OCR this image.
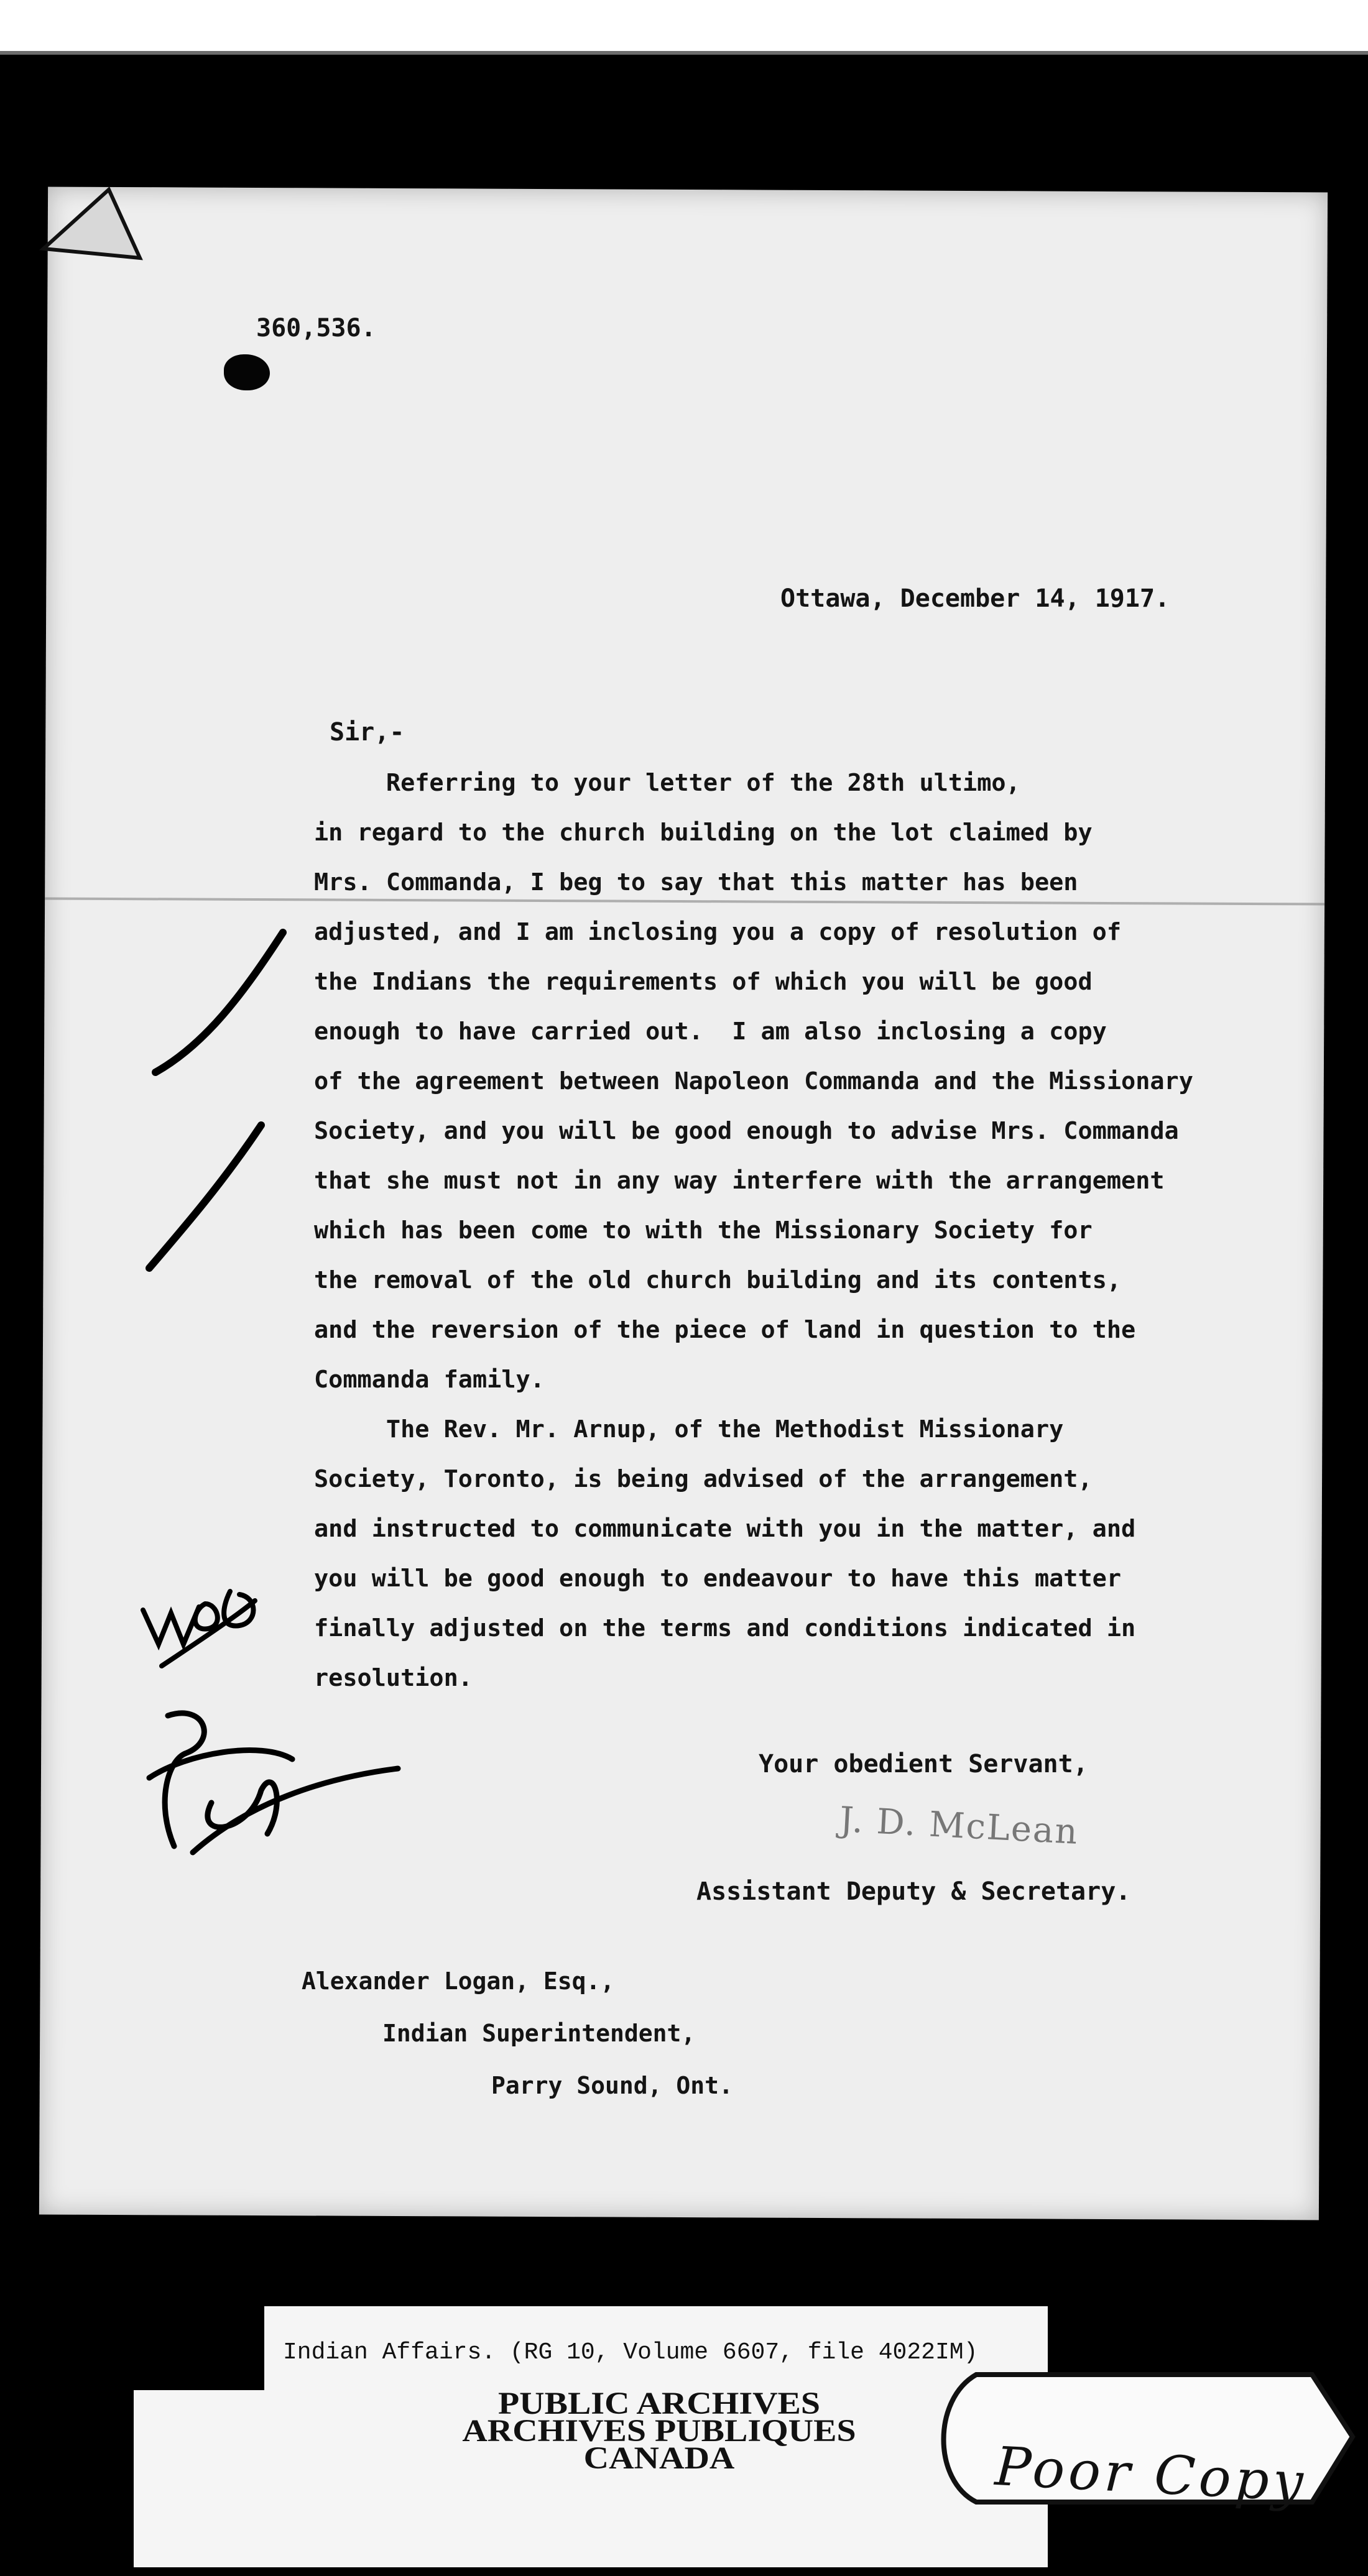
360,536.

Ottawa, December 14, 1917.

Sir,-

Referring to your letter of the 28th ultimo,
in regard to the church building on the lot claimed by
Mrs. Commanda, I beg to say that this matter has been
adjusted, and I am inclosing you a copy of resolution of
the Indians the requirements of which you will be good
enough to have carried out.  I am also inclosing a copy
of the agreement between Napoleon Commanda and the Missionary
Society, and you will be good enough to advise Mrs. Commanda
that she must not in any way interfere with the arrangement
which has been come to with the Missionary Society for
the removal of the old church building and its contents,
and the reversion of the piece of land in question to the
Commanda family.
The Rev. Mr. Arnup, of the Methodist Missionary
Society, Toronto, is being advised of the arrangement,
and instructed to communicate with you in the matter, and
you will be good enough to endeavour to have this matter
finally adjusted on the terms and conditions indicated in
resolution.

Your obedient Servant,

J. D. McLean

Assistant Deputy & Secretary.

Alexander Logan, Esq.,
Indian Superintendent,
Parry Sound, Ont.

Indian Affairs. (RG 10, Volume 6607, file 4022IM)

PUBLIC ARCHIVES
ARCHIVES PUBLIQUES
CANADA	Poor Copy
